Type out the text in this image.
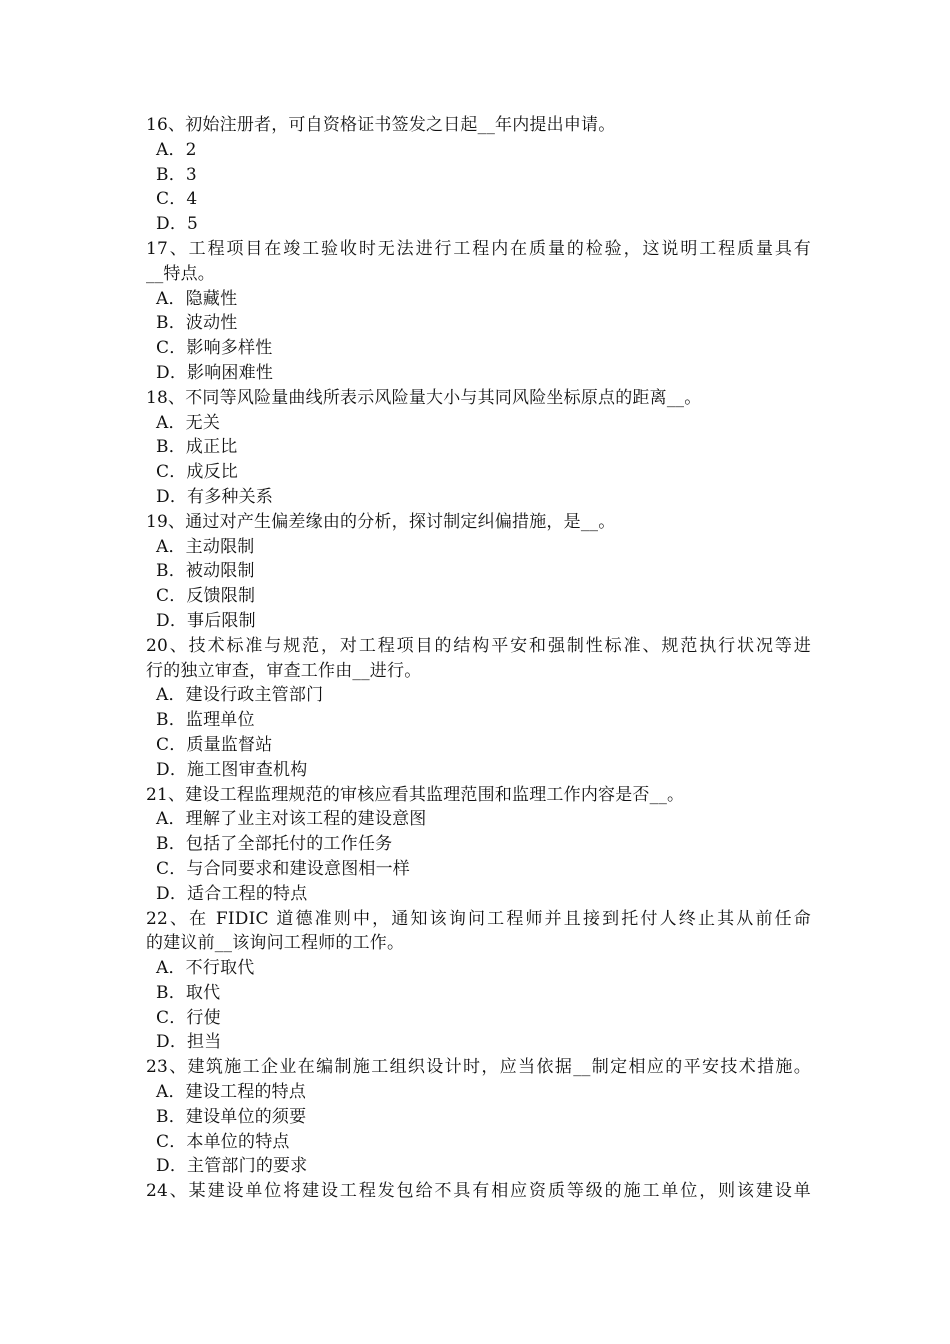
16、初始注册者，可自资格证书签发之日起__年内提出申请。
A．2
B．3
C．4
D．5
17、工程项目在竣工验收时无法进行工程内在质量的检验，这说明工程质量具有
__特点。
A．隐藏性
B．波动性
C．影响多样性
D．影响困难性
18、不同等风险量曲线所表示风险量大小与其同风险坐标原点的距离__。
A．无关
B．成正比
C．成反比
D．有多种关系
19、通过对产生偏差缘由的分析，探讨制定纠偏措施，是__。
A．主动限制
B．被动限制
C．反馈限制
D．事后限制
20、技术标准与规范，对工程项目的结构平安和强制性标准、规范执行状况等进
行的独立审查，审查工作由__进行。
A．建设行政主管部门
B．监理单位
C．质量监督站
D．施工图审查机构
21、建设工程监理规范的审核应看其监理范围和监理工作内容是否__。
A．理解了业主对该工程的建设意图
B．包括了全部托付的工作任务
C．与合同要求和建设意图相一样
D．适合工程的特点
22、在 FIDIC 道德准则中，通知该询问工程师并且接到托付人终止其从前任命
的建议前__该询问工程师的工作。
A．不行取代
B．取代
C．行使
D．担当
23、建筑施工企业在编制施工组织设计时，应当依据__制定相应的平安技术措施。
A．建设工程的特点
B．建设单位的须要
C．本单位的特点
D．主管部门的要求
24、某建设单位将建设工程发包给不具有相应资质等级的施工单位，则该建设单
